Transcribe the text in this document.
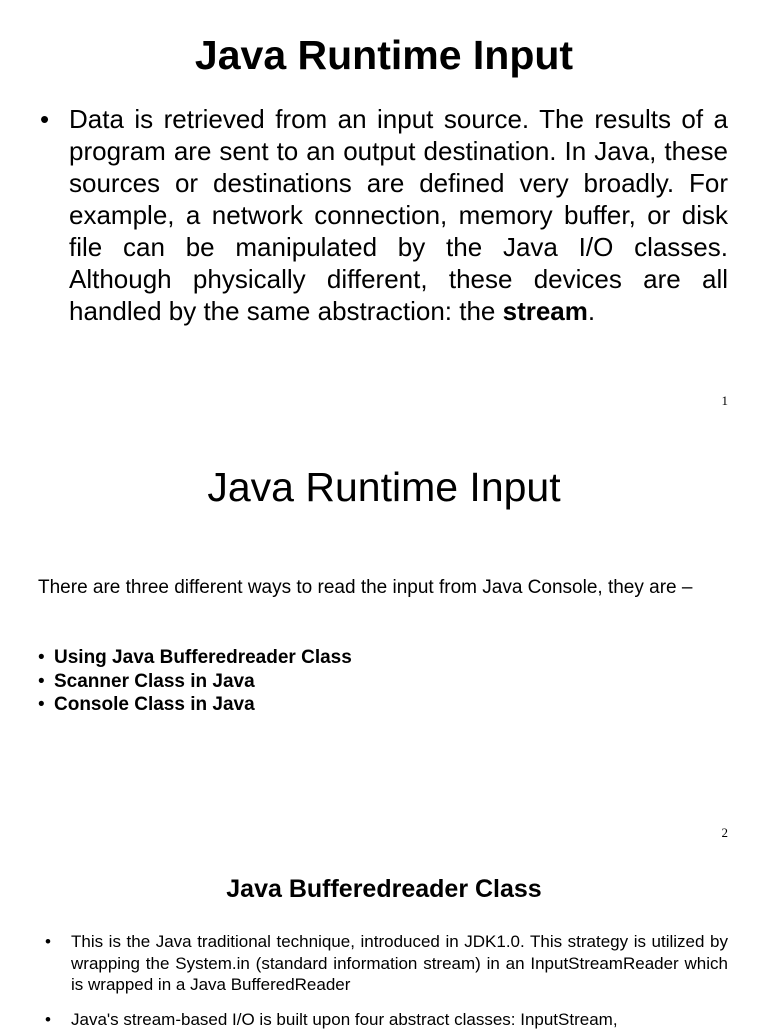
Java Runtime Input
• Data is retrieved from an input source. The results of a program are sent to an output destination. In Java, these sources or destinations are defined very broadly. For example, a network connection, memory buffer, or disk file can be manipulated by the Java I/O classes. Although physically different, these devices are all handled by the same abstraction: the stream.
1
Java Runtime Input

There are three different ways to read the input from Java Console, they are –

• Using Java Bufferedreader Class
• Scanner Class in Java
• Console Class in Java
2
Java Bufferedreader Class
• This is the Java traditional technique, introduced in JDK1.0. This strategy is utilized by wrapping the System.in (standard information stream) in an InputStreamReader which is wrapped in a Java BufferedReader
• Java's stream-based I/O is built upon four abstract classes: InputStream,
